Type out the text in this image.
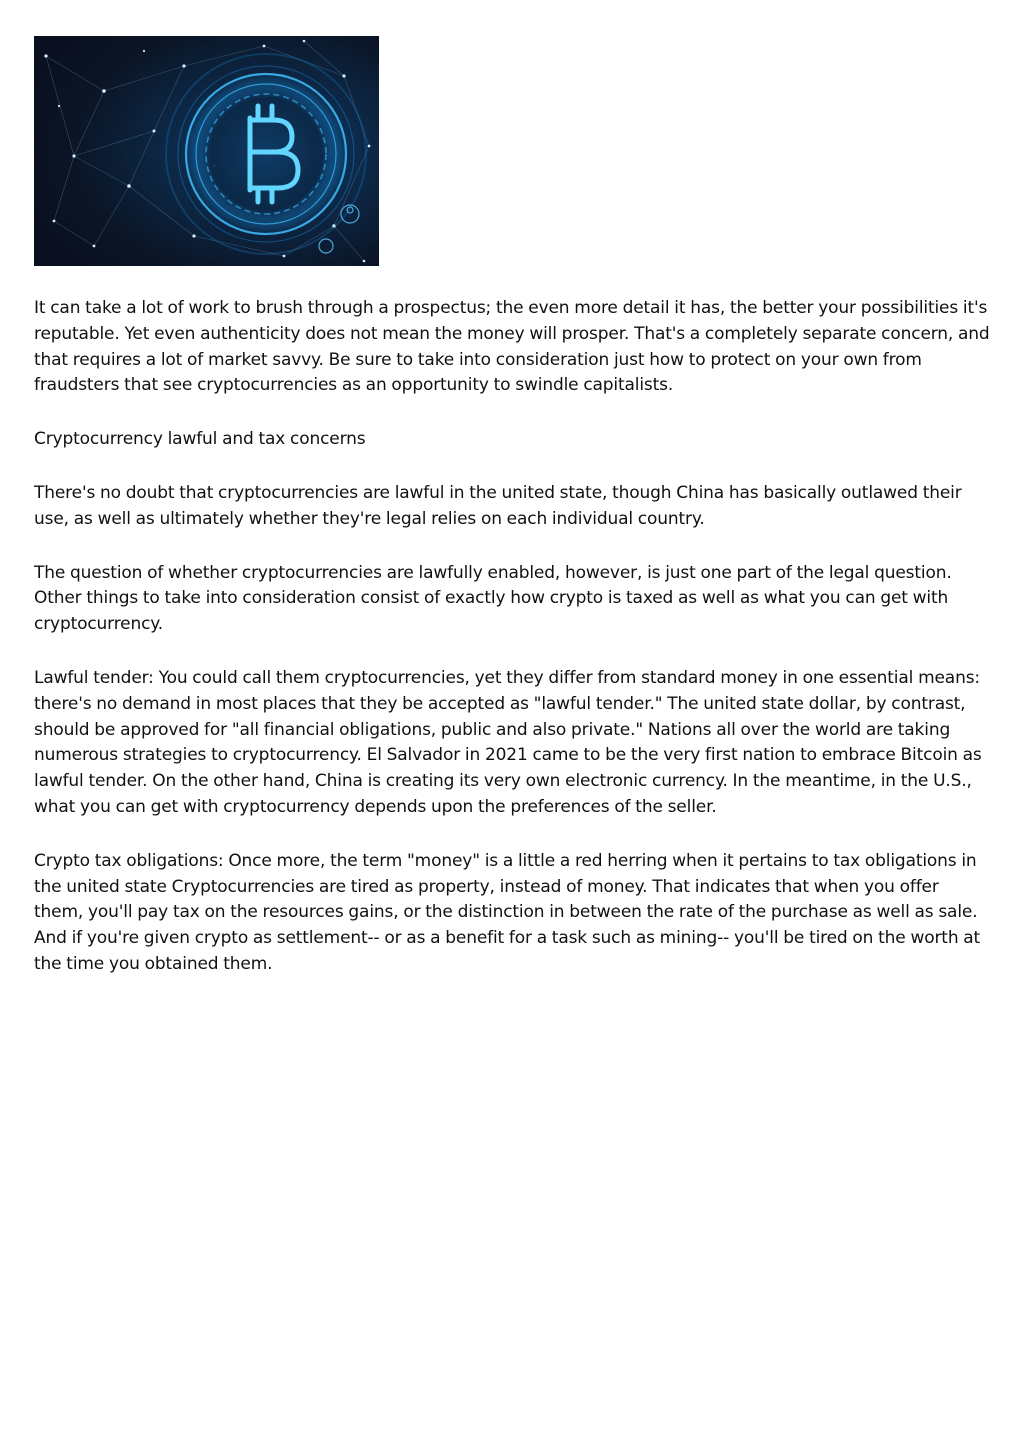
It can take a lot of work to brush through a prospectus; the even more detail it has, the better your possibilities it's reputable. Yet even authenticity does not mean the money will prosper. That's a completely separate concern, and that requires a lot of market savvy. Be sure to take into consideration just how to protect on your own from fraudsters that see cryptocurrencies as an opportunity to swindle capitalists.

Cryptocurrency lawful and tax concerns

There's no doubt that cryptocurrencies are lawful in the united state, though China has basically outlawed their use, as well as ultimately whether they're legal relies on each individual country.

The question of whether cryptocurrencies are lawfully enabled, however, is just one part of the legal question. Other things to take into consideration consist of exactly how crypto is taxed as well as what you can get with cryptocurrency.

Lawful tender: You could call them cryptocurrencies, yet they differ from standard money in one essential means: there's no demand in most places that they be accepted as "lawful tender." The united state dollar, by contrast, should be approved for "all financial obligations, public and also private." Nations all over the world are taking numerous strategies to cryptocurrency. El Salvador in 2021 came to be the very first nation to embrace Bitcoin as lawful tender. On the other hand, China is creating its very own electronic currency. In the meantime, in the U.S., what you can get with cryptocurrency depends upon the preferences of the seller.

Crypto tax obligations: Once more, the term "money" is a little a red herring when it pertains to tax obligations in the united state Cryptocurrencies are tired as property, instead of money. That indicates that when you offer them, you'll pay tax on the resources gains, or the distinction in between the rate of the purchase as well as sale. And if you're given crypto as settlement-- or as a benefit for a task such as mining-- you'll be tired on the worth at the time you obtained them.
